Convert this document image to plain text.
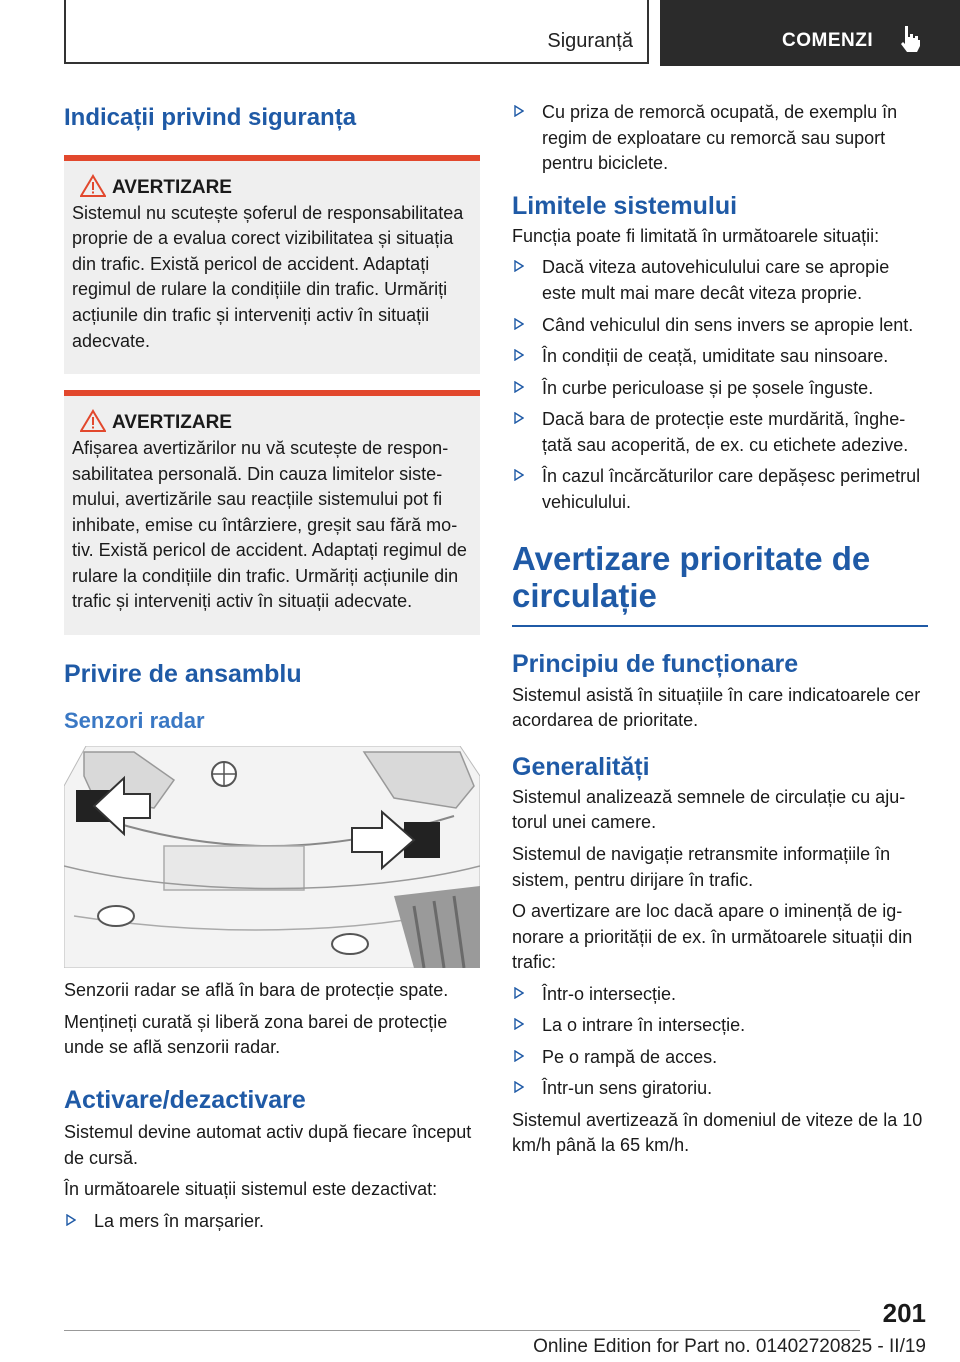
Siguranță	COMENZI
Indicații privind siguranța
AVERTIZARE

Sistemul nu scutește șoferul de responsabilitatea proprie de a evalua corect vizibilitatea și situația din trafic. Există pericol de accident. Adaptați regimul de rulare la condițiile din trafic. Urmăriți acțiunile din trafic și interveniți activ în situații adecvate.

AVERTIZARE

Afișarea avertizărilor nu vă scutește de responsabilitatea personală. Din cauza limitelor sistemului, avertizările sau reacțiile sistemului pot fi inhibate, emise cu întârziere, greșit sau fără motiv. Există pericol de accident. Adaptați regimul de rulare la condițiile din trafic. Urmăriți acțiunile din trafic și interveniți activ în situații adecvate.

Privire de ansamblu
Senzori radar

Senzorii radar se află în bara de protecție spate.

Mențineți curată și liberă zona barei de protecție unde se află senzorii radar.

Activare/dezactivare

Sistemul devine automat activ după fiecare început de cursă.

În următoarele situații sistemul este dezactivat:

La mers în marșarier.
Cu priza de remorcă ocupată, de exemplu în regim de exploatare cu remorcă sau suport pentru biciclete.
Limitele sistemului

Funcția poate fi limitată în următoarele situații:

Dacă viteza autovehiculului care se apropie este mult mai mare decât viteza proprie.
Când vehiculul din sens invers se apropie lent.
În condiții de ceață, umiditate sau ninsoare.
În curbe periculoase și pe șosele înguste.
Dacă bara de protecție este murdărită, înghețată sau acoperită, de ex. cu etichete adezive.
În cazul încărcăturilor care depășesc perimetrul vehiculului.
Avertizare prioritate de circulație
Principiu de funcționare

Sistemul asistă în situațiile în care indicatoarele cer acordarea de prioritate.

Generalități

Sistemul analizează semnele de circulație cu ajutorul unei camere.

Sistemul de navigație retransmite informațiile în sistem, pentru dirijare în trafic.

O avertizare are loc dacă apare o iminență de ignorare a priorității de ex. în următoarele situații din trafic:

Într-o intersecție.
La o intrare în intersecție.
Pe o rampă de acces.
Într-un sens giratoriu.

Sistemul avertizează în domeniul de viteze de la 10 km/h până la 65 km/h.

201
Online Edition for Part no. 01402720825 - II/19
